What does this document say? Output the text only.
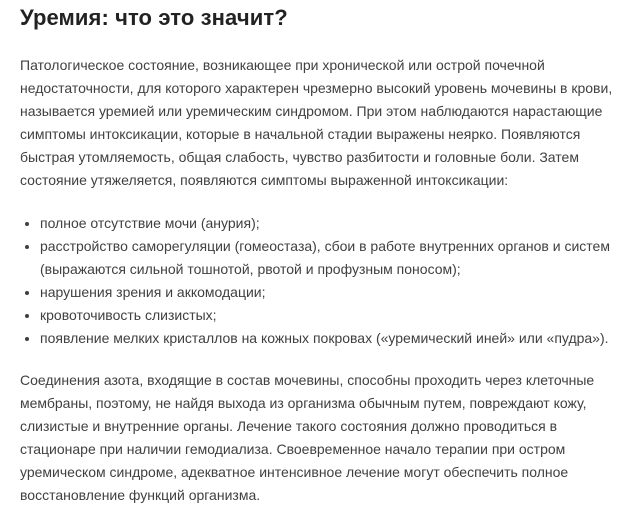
Уремия: что это значит?

Патологическое состояние, возникающее при хронической или острой почечной недостаточности, для которого характерен чрезмерно высокий уровень мочевины в крови, называется уремией или уремическим синдромом. При этом наблюдаются нарастающие симптомы интоксикации, которые в начальной стадии выражены неярко. Появляются быстрая утомляемость, общая слабость, чувство разбитости и головные боли. Затем состояние утяжеляется, появляются симптомы выраженной интоксикации:

полное отсутствие мочи (анурия);
расстройство саморегуляции (гомеостаза), сбои в работе внутренних органов и систем (выражаются сильной тошнотой, рвотой и профузным поносом);
нарушения зрения и аккомодации;
кровоточивость слизистых;
появление мелких кристаллов на кожных покровах («уремический иней» или «пудра»).

Соединения азота, входящие в состав мочевины, способны проходить через клеточные мембраны, поэтому, не найдя выхода из организма обычным путем, повреждают кожу, слизистые и внутренние органы. Лечение такого состояния должно проводиться в стационаре при наличии гемодиализа. Своевременное начало терапии при остром уремическом синдроме, адекватное интенсивное лечение могут обеспечить полное восстановление функций организма.
